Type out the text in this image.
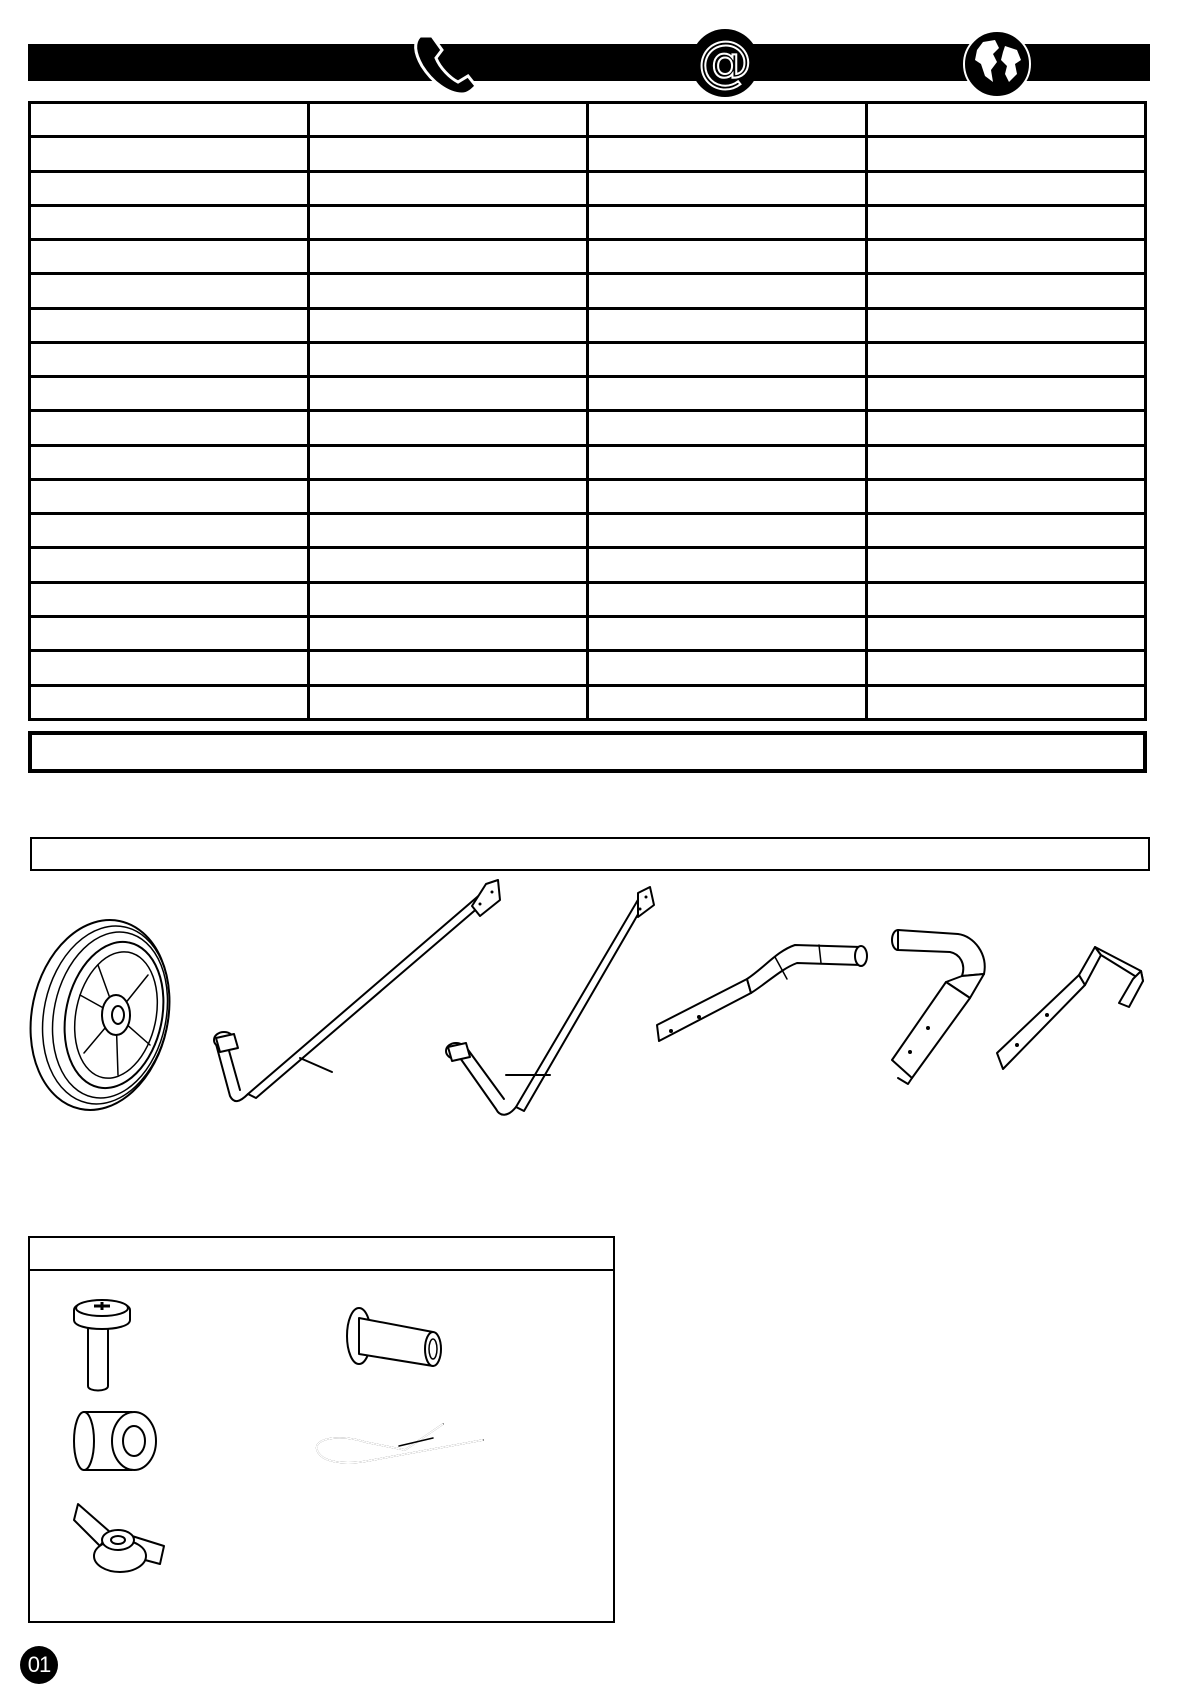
@

01
